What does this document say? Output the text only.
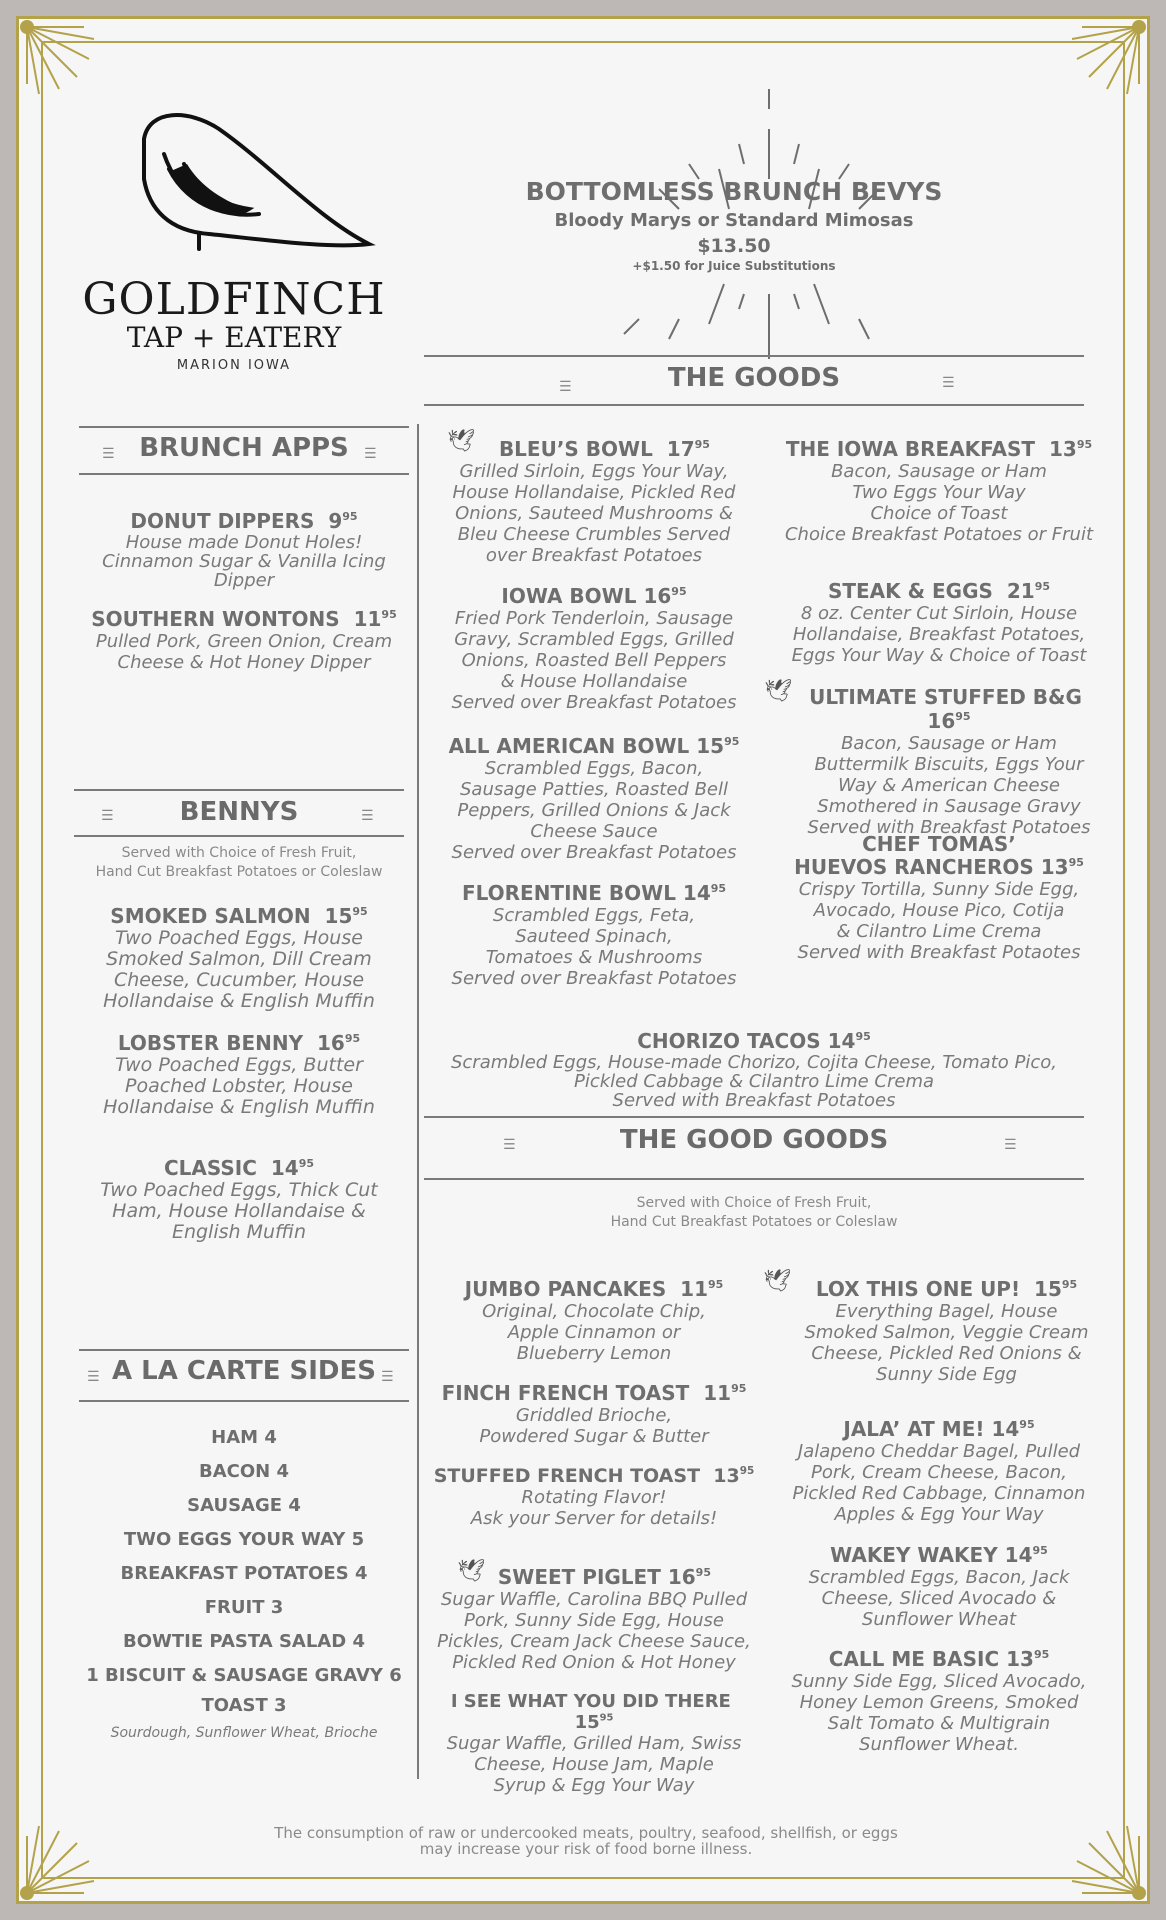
GOLDFINCH
TAP + EATERY
MARION IOWA
BOTTOMLESS BRUNCH BEVYS
Bloody Marys or Standard Mimosas
$13.50
+$1.50 for Juice Substitutions
THE GOODS
☰	☰
BRUNCH APPS
☰	☰
DONUT DIPPERS $9^{95}$
House made Donut Holes!
Cinnamon Sugar & Vanilla Icing
Dipper
SOUTHERN WONTONS $11^{95}$
Pulled Pork, Green Onion, Cream
Cheese & Hot Honey Dipper
BENNYS
☰	☰
Served with Choice of Fresh Fruit,
Hand Cut Breakfast Potatoes or Coleslaw
SMOKED SALMON $15^{95}$
Two Poached Eggs, House
Smoked Salmon, Dill Cream
Cheese, Cucumber, House
Hollandaise & English Muffin
LOBSTER BENNY $16^{95}$
Two Poached Eggs, Butter
Poached Lobster, House
Hollandaise & English Muffin
CLASSIC $14^{95}$
Two Poached Eggs, Thick Cut
Ham, House Hollandaise &
English Muffin
A LA CARTE SIDES
☰	☰
HAM 4
BACON 4
SAUSAGE 4
TWO EGGS YOUR WAY 5
BREAKFAST POTATOES 4
FRUIT 3
BOWTIE PASTA SALAD 4
1 BISCUIT & SAUSAGE GRAVY 6
TOAST 3
Sourdough, Sunflower Wheat, Brioche
🕊	BLEU’S BOWL $17^{95}$
Grilled Sirloin, Eggs Your Way,
House Hollandaise, Pickled Red
Onions, Sauteed Mushrooms &
Bleu Cheese Crumbles Served
over Breakfast Potatoes
IOWA BOWL $16^{95}$
Fried Pork Tenderloin, Sausage
Gravy, Scrambled Eggs, Grilled
Onions, Roasted Bell Peppers
& House Hollandaise
Served over Breakfast Potatoes
ALL AMERICAN BOWL $15^{95}$
Scrambled Eggs, Bacon,
Sausage Patties, Roasted Bell
Peppers, Grilled Onions & Jack
Cheese Sauce
Served over Breakfast Potatoes
FLORENTINE BOWL $14^{95}$
Scrambled Eggs, Feta,
Sauteed Spinach,
Tomatoes & Mushrooms
Served over Breakfast Potatoes
THE IOWA BREAKFAST $13^{95}$
Bacon, Sausage or Ham
Two Eggs Your Way
Choice of Toast
Choice Breakfast Potatoes or Fruit
STEAK & EGGS $21^{95}$
8 oz. Center Cut Sirloin, House
Hollandaise, Breakfast Potatoes,
Eggs Your Way & Choice of Toast
🕊 ULTIMATE STUFFED B&G  $16^{95}$
Bacon, Sausage or Ham
Buttermilk Biscuits, Eggs Your
Way & American Cheese
Smothered in Sausage Gravy
Served with Breakfast Potatoes
CHEF TOMAS’
HUEVOS RANCHEROS $13^{95}$
Crispy Tortilla, Sunny Side Egg,
Avocado, House Pico, Cotija
& Cilantro Lime Crema
Served with Breakfast Potaotes
CHORIZO TACOS $14^{95}$
Scrambled Eggs, House-made Chorizo, Cojita Cheese, Tomato Pico,
Pickled Cabbage & Cilantro Lime Crema
Served with Breakfast Potatoes
THE GOOD GOODS
☰	☰
Served with Choice of Fresh Fruit,
Hand Cut Breakfast Potatoes or Coleslaw
JUMBO PANCAKES $11^{95}$
Original, Chocolate Chip,
Apple Cinnamon or
Blueberry Lemon
FINCH FRENCH TOAST $11^{95}$
Griddled Brioche,
Powdered Sugar & Butter
STUFFED FRENCH TOAST $13^{95}$
Rotating Flavor!
Ask your Server for details!
🕊 SWEET PIGLET $16^{95}$
Sugar Waffle, Carolina BBQ Pulled
Pork, Sunny Side Egg, House
Pickles, Cream Jack Cheese Sauce,
Pickled Red Onion & Hot Honey
I SEE WHAT YOU DID THERE  $15^{95}$
Sugar Waffle, Grilled Ham, Swiss
Cheese, House Jam, Maple
Syrup & Egg Your Way
🕊	LOX THIS ONE UP! $15^{95}$
Everything Bagel, House
Smoked Salmon, Veggie Cream
Cheese, Pickled Red Onions &
Sunny Side Egg
JALA’ AT ME! $14^{95}$
Jalapeno Cheddar Bagel, Pulled
Pork, Cream Cheese, Bacon,
Pickled Red Cabbage, Cinnamon
Apples & Egg Your Way
WAKEY WAKEY $14^{95}$
Scrambled Eggs, Bacon, Jack
Cheese, Sliced Avocado &
Sunflower Wheat
CALL ME BASIC $13^{95}$
Sunny Side Egg, Sliced Avocado,
Honey Lemon Greens, Smoked
Salt Tomato & Multigrain
Sunflower Wheat.
The consumption of raw or undercooked meats, poultry, seafood, shellfish, or eggs
may increase your risk of food borne illness.
